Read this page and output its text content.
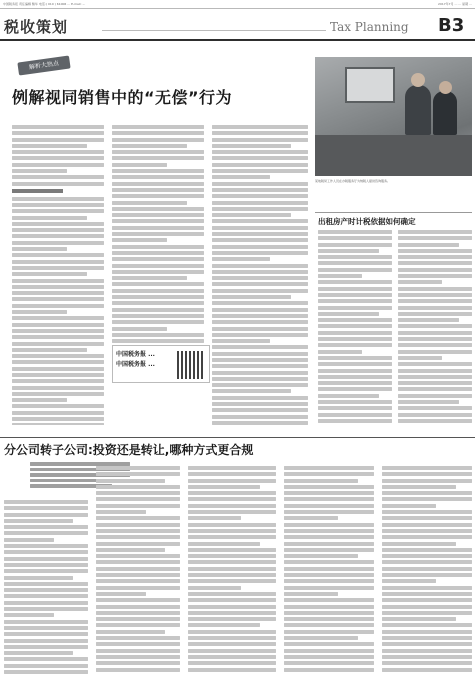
中国税务报 责任编辑 鲍华 电话:( 010 ) 61006 ... E-mail: ...	2017年7月 ... ... 星期 ...
税收策划	Tax Planning B3
解析大热点
例解视同销售中的“无偿”行为
中国税务报 ...
中国税务报 ...
某地税局工作人员在办税服务厅为纳税人提供咨询服务。
出租房产时计税依据如何确定
分公司转子公司:投资还是转让,哪种方式更合规
